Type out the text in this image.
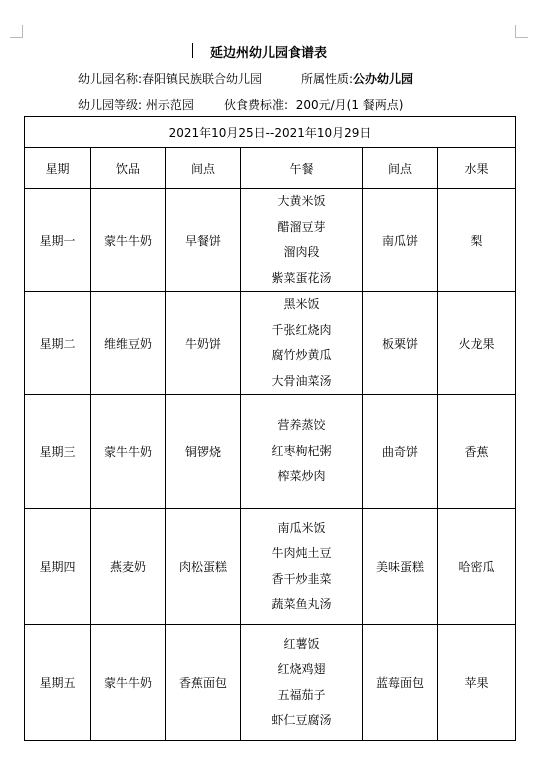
延边州幼儿园食谱表
幼儿园名称:春阳镇民族联合幼儿园	所属性质:公办幼儿园
幼儿园等级: 州示范园	伙食费标准: 200元/月(1 餐两点)
2021年10月25日--2021年10月29日					
星期	饮品	间点	午餐	间点	水果
星期一	蒙牛牛奶	早餐饼	大黄米饭
醋溜豆芽
溜肉段
紫菜蛋花汤	南瓜饼	梨
星期二	维维豆奶	牛奶饼	黑米饭
千张红烧肉
腐竹炒黄瓜
大骨油菜汤	板栗饼	火龙果
星期三	蒙牛牛奶	铜锣烧	营养蒸饺
红枣枸杞粥
榨菜炒肉	曲奇饼	香蕉
星期四	燕麦奶	肉松蛋糕	南瓜米饭
牛肉炖土豆
香干炒韭菜
蔬菜鱼丸汤	美味蛋糕	哈密瓜
星期五	蒙牛牛奶	香蕉面包	红薯饭
红烧鸡翅
五福茄子
虾仁豆腐汤	蓝莓面包	苹果
